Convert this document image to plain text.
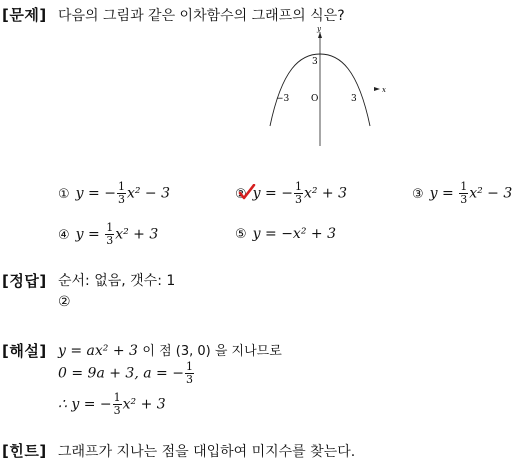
[문제] 다음의 그림과 같은 이차함수의 그래프의 식은?
y
x
3
O
−3	3
① y = − $\frac{1}{3} x^2 - 3$	② y = − $\frac{1}{3} x^2 + 3$	③ $y = \frac{1}{3} x^2 - 3$
④ $y = \frac{1}{3} x^2 + 3$	⑤ y = −x² + 3
[정답] 순서: 없음, 갯수: 1
②
[해설] y = ax² + 3 이 점 (3, 0) 을 지나므로
0 = 9a + 3, a = − $\frac{1}{3}$
∴ y = − $\frac{1}{3} x^2 + 3$
[힌트] 그래프가 지나는 점을 대입하여 미지수를 찾는다.
